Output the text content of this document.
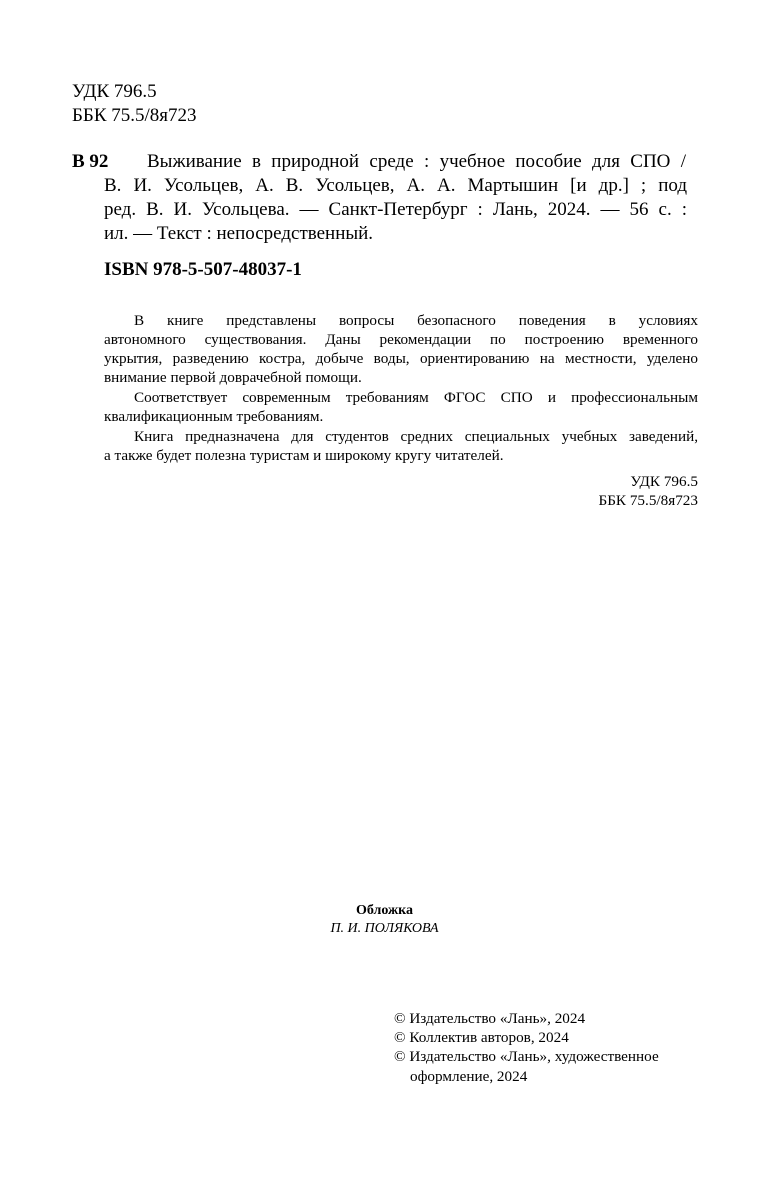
УДК 796.5
ББК 75.5/8я723
В 92 Выживание в природной среде : учебное пособие для СПО /
В. И. Усольцев, А. В. Усольцев, А. А. Мартышин [и др.] ; под
ред. В. И. Усольцева. — Санкт-Петербург : Лань, 2024. — 56 с. :
ил. — Текст : непосредственный.
ISBN 978-5-507-48037-1
В книге представлены вопросы безопасного поведения в условиях
автономного существования. Даны рекомендации по построению временного
укрытия, разведению костра, добыче воды, ориентированию на местности, уделено
внимание первой доврачебной помощи.
Соответствует современным требованиям ФГОС СПО и профессиональным
квалификационным требованиям.
Книга предназначена для студентов средних специальных учебных заведений,
а также будет полезна туристам и широкому кругу читателей.
УДК 796.5
ББК 75.5/8я723
Обложка
П. И. ПОЛЯКОВА
© Издательство «Лань», 2024
© Коллектив авторов, 2024
© Издательство «Лань», художественное
оформление, 2024
